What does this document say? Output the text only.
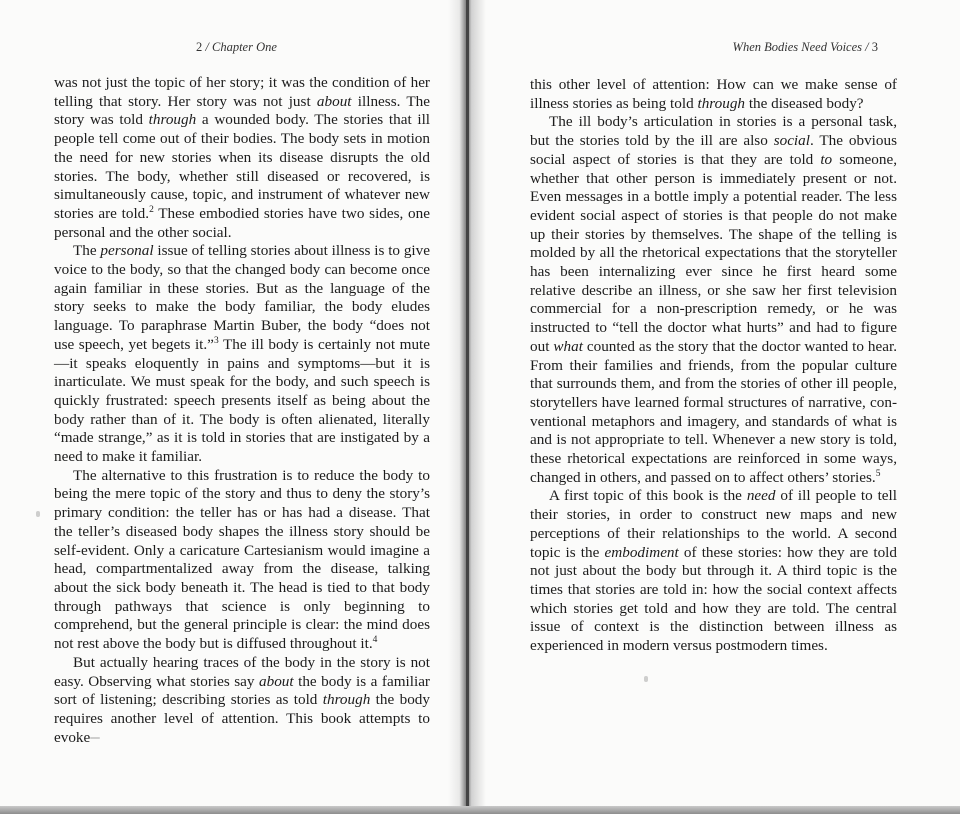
2 / Chapter One

was not just the topic of her story; it was the condition of her telling that story. Her story was not just about illness. The story was told through a wounded body. The stories that ill people tell come out of their bodies. The body sets in motion the need for new stories when its disease disrupts the old stories. The body, whether still diseased or recovered, is simultaneously cause, topic, and instrument of whatever new stories are told.$^2$ These embodied stories have two sides, one personal and the other social.

The personal issue of telling stories about illness is to give voice to the body, so that the changed body can become once again familiar in these stories. But as the language of the story seeks to make the body familiar, the body eludes language. To paraphrase Martin Buber, the body “does not use speech, yet begets it.”$^3$ The ill body is certainly not mute—it speaks eloquently in pains and symptoms—but it is inarticulate. We must speak for the body, and such speech is quickly frustrated: speech presents itself as being about the body rather than of it. The body is often alienated, literally “made strange,” as it is told in stories that are instigated by a need to make it familiar.

The alternative to this frustration is to reduce the body to being the mere topic of the story and thus to deny the story’s primary condition: the teller has or has had a disease. That the teller’s diseased body shapes the illness story should be self-evident. Only a caricature Cartesianism would imagine a head, compartmentalized away from the disease, talking about the sick body beneath it. The head is tied to that body through pathways that science is only beginning to comprehend, but the general principle is clear: the mind does not rest above the body but is diffused throughout it.$^4$

But actually hearing traces of the body in the story is not easy. Observing what stories say about the body is a familiar sort of listening; describing stories as told through the body requires another level of attention. This book attempts to evoke

When Bodies Need Voices / 3

this other level of attention: How can we make sense of illness stories as being told through the diseased body?

The ill body’s articulation in stories is a personal task, but the stories told by the ill are also social. The obvious social aspect of stories is that they are told to someone, whether that other person is immediately present or not. Even messages in a bottle imply a potential reader. The less evident social aspect of stories is that people do not make up their stories by themselves. The shape of the telling is molded by all the rhetorical expectations that the storyteller has been internalizing ever since he first heard some relative describe an illness, or she saw her first television commercial for a non-prescription remedy, or he was instructed to “tell the doctor what hurts” and had to figure out what counted as the story that the doctor wanted to hear. From their families and friends, from the popular culture that surrounds them, and from the stories of other ill people, storytellers have learned formal structures of narrative, conventional metaphors and imagery, and standards of what is and is not appropriate to tell. Whenever a new story is told, these rhetorical expectations are reinforced in some ways, changed in others, and passed on to affect others’ stories.$^5$

A first topic of this book is the need of ill people to tell their stories, in order to construct new maps and new perceptions of their relationships to the world. A second topic is the embodiment of these stories: how they are told not just about the body but through it. A third topic is the times that stories are told in: how the social context affects which stories get told and how they are told. The central issue of context is the distinction between illness as experienced in modern versus postmodern times.
